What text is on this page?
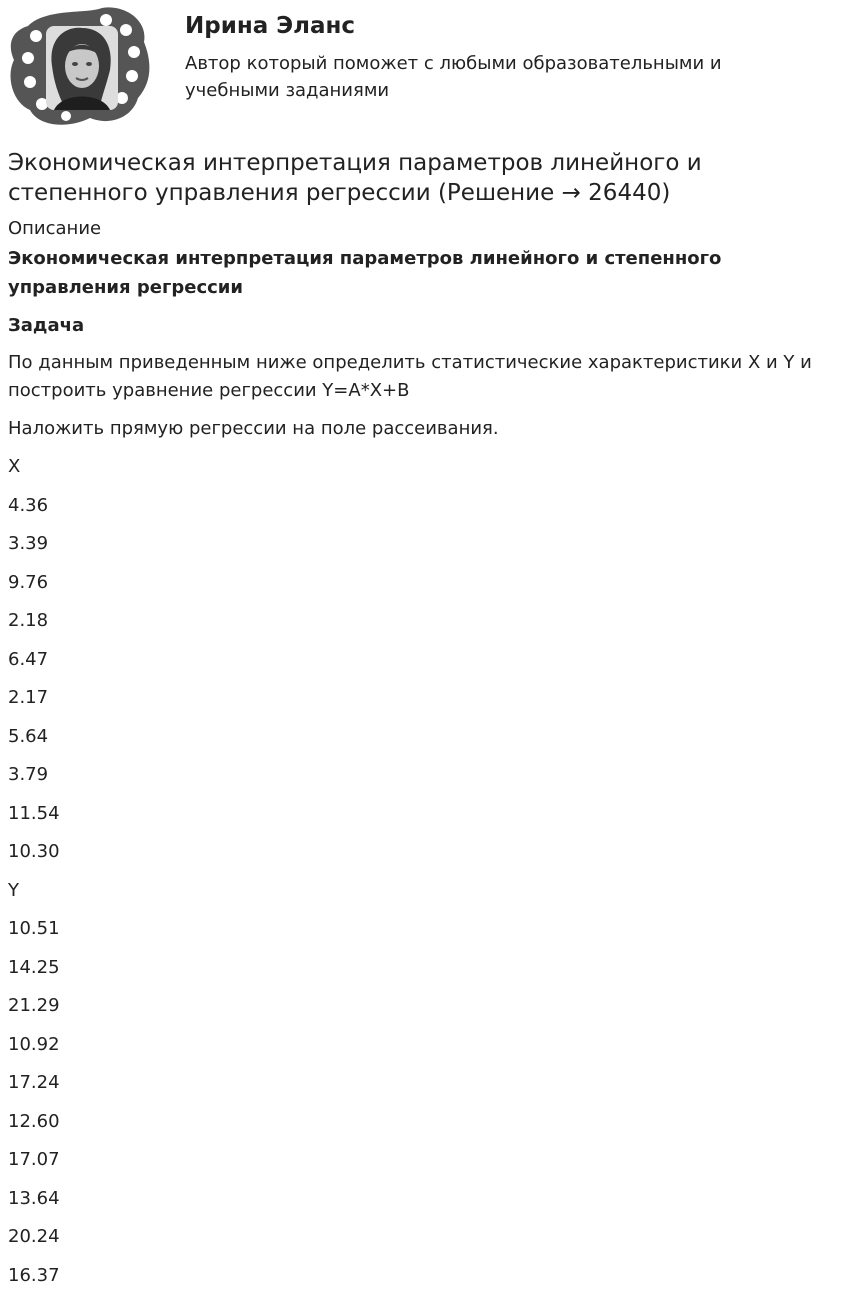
Ирина Эланс

Автор который поможет с любыми образовательными и учебными заданиями

Экономическая интерпретация параметров линейного и степенного управления регрессии (Решение → 26440)
Описание
Экономическая интерпретация параметров линейного и степенного управления регрессии
Задача

По данным приведенным ниже определить статистические характеристики X и Y и построить уравнение регрессии Y=A*X+B

Наложить прямую регрессии на поле рассеивания.

X
4.36
3.39
9.76
2.18
6.47
2.17
5.64
3.79
11.54
10.30
Y
10.51
14.25
21.29
10.92
17.24
12.60
17.07
13.64
20.24
16.37
